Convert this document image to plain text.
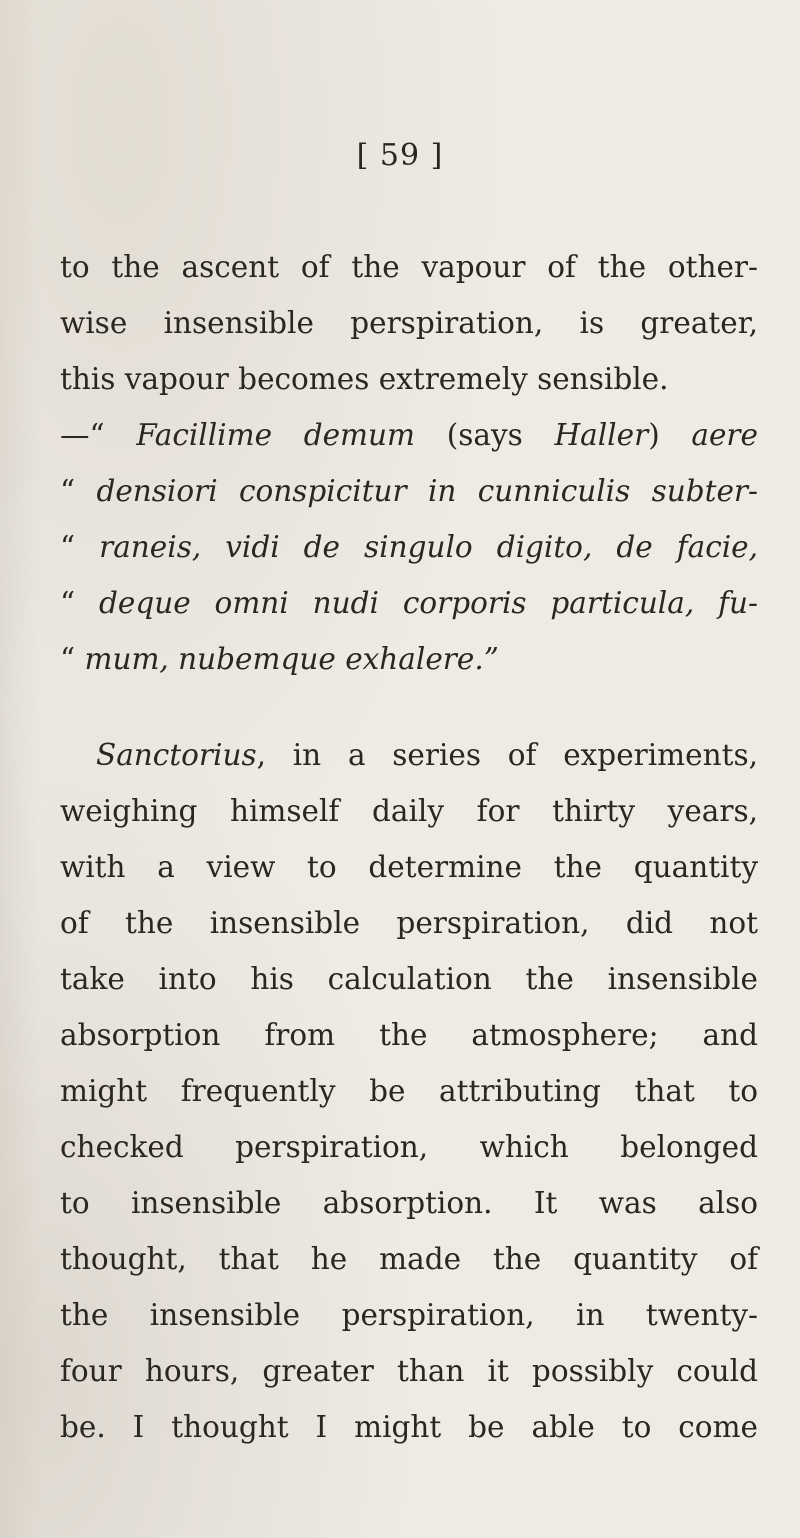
[ 59 ]
to the ascent of the vapour of the other-
wise insensible perspiration, is greater,
this vapour becomes extremely sensible.
—“ Facillime demum (says Haller) aere
“ densiori conspicitur in cunniculis subter-
“ raneis, vidi de singulo digito, de facie,
“ deque omni nudi corporis particula, fu-
“ mum, nubemque exhalere.”
Sanctorius, in a series of experiments,
weighing himself daily for thirty years,
with a view to determine the quantity
of the insensible perspiration, did not
take into his calculation the insensible
absorption from the atmosphere; and
might frequently be attributing that to
checked perspiration, which belonged
to insensible absorption. It was also
thought, that he made the quantity of
the insensible perspiration, in twenty-
four hours, greater than it possibly could
be. I thought I might be able to come
